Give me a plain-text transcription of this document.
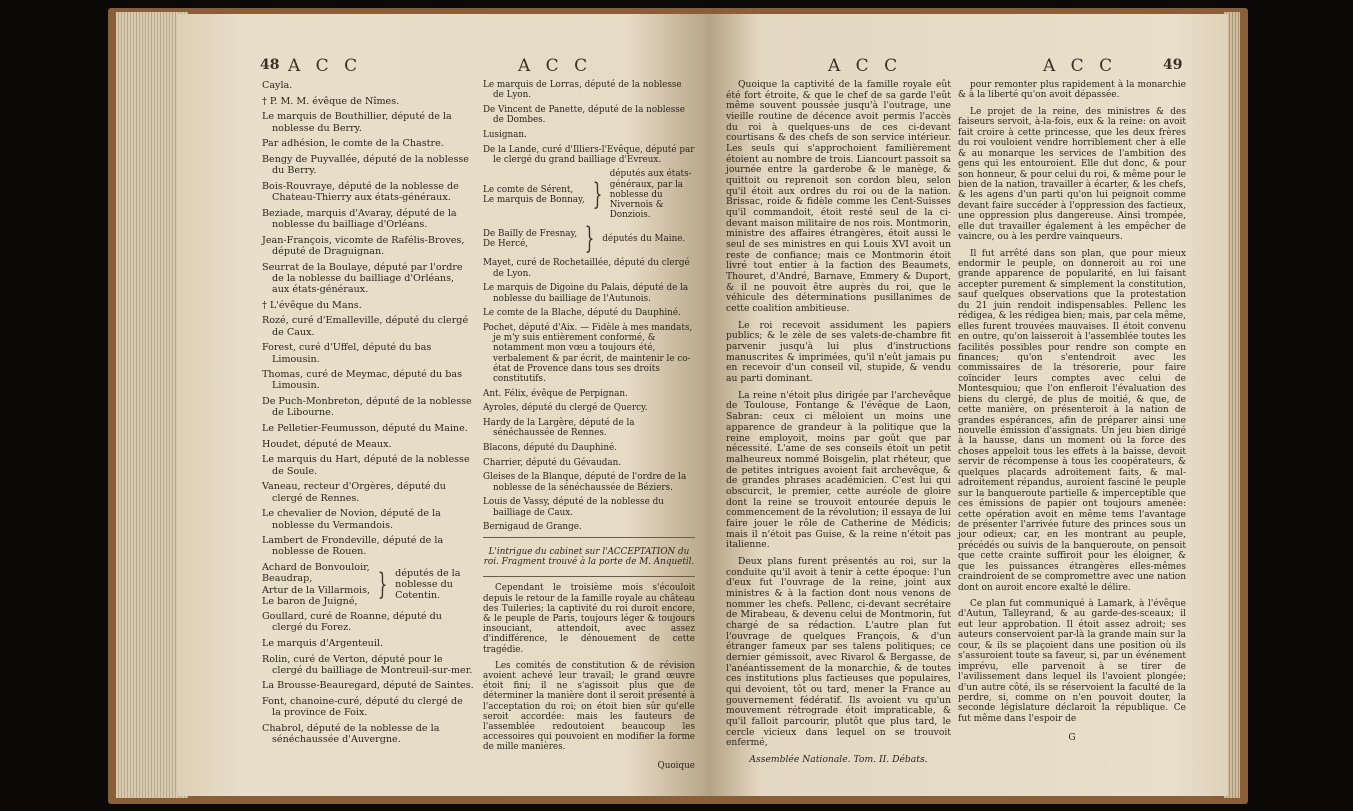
48 A C C	A C C

Cayla.

† P. M. M. évêque de Nîmes.

Le marquis de Bouthillier, député de la noblesse du Berry.

Par adhésion, le comte de la Chastre.

Bengy de Puyvallée, député de la noblesse du Berry.

Bois-Rouvraye, député de la noblesse de Chateau-Thierry aux états-généraux.

Beziade, marquis d'Avaray, député de la noblesse du bailliage d'Orléans.

Jean-François, vicomte de Rafélis-Broves, député de Draguignan.

Seurrat de la Boulaye, député par l'ordre de la noblesse du bailliage d'Orléans, aux états-généraux.

† L'évêque du Mans.

Rozé, curé d'Emalleville, député du clergé de Caux.

Forest, curé d'Uffel, député du bas Limousin.

Thomas, curé de Meymac, député du bas Limousin.

De Puch-Monbreton, député de la noblesse de Libourne.

Le Pelletier-Feumusson, député du Maine.

Houdet, député de Meaux.

Le marquis du Hart, député de la noblesse de Soule.

Vaneau, recteur d'Orgères, député du clergé de Rennes.

Le chevalier de Novion, député de la noblesse du Vermandois.

Lambert de Frondeville, député de la noblesse de Rouen.

Achard de Bonvouloir,
Beaudrap,
Artur de la Villarmois,
Le baron de Juigné, } députés de la noblesse du Cotentin.

Goullard, curé de Roanne, député du clergé du Forez.

Le marquis d'Argenteuil.

Rolin, curé de Verton, député pour le clergé du bailliage de Montreuil-sur-mer.

La Brousse-Beauregard, député de Saintes.

Font, chanoine-curé, député du clergé de la province de Foix.

Chabrol, député de la noblesse de la sénéchaussée d'Auvergne.

Le marquis de Lorras, député de la noblesse de Lyon.

De Vincent de Panette, député de la noblesse de Dombes.

Lusignan.

De la Lande, curé d'Illiers-l'Evêque, député par le clergé du grand bailliage d'Evreux.

Le comte de Sérent,
Le marquis de Bonnay, }
députés aux états-généraux, par la noblesse du Nivernois & Donziois.
De Bailly de Fresnay,
De Hercé,	} députés du Maine.

Mayet, curé de Rochetaillée, député du clergé de Lyon.

Le marquis de Digoine du Palais, député de la noblesse du bailliage de l'Autunois.

Le comte de la Blache, député du Dauphiné.

Pochet, député d'Aix. — Fidèle à mes mandats, je m'y suis entièrement conformé, & notamment mon vœu a toujours été, verbalement & par écrit, de maintenir le co-état de Provence dans tous ses droits constitutifs.

Ant. Félix, évêque de Perpignan.

Ayroles, député du clergé de Quercy.

Hardy de la Largère, député de la sénéchaussée de Rennes.

Blacons, député du Dauphiné.

Charrier, député du Gévaudan.

Gleises de la Blanque, député de l'ordre de la noblesse de la sénéchaussée de Béziers.

Louis de Vassy, député de la noblesse du bailliage de Caux.

Bernigaud de Grange.

L'intrigue du cabinet sur l'ACCEPTATION du roi. Fragment trouvé à la porte de M. Anquetil.

Cependant le troisième mois s'écouloit depuis le retour de la famille royale au château des Tuileries; la captivité du roi duroit encore, & le peuple de Paris, toujours léger & toujours insouciant, attendoit, avec assez d'indifférence, le dénouement de cette tragédie.

Les comités de constitution & de révision avoient achevé leur travail; le grand œuvre étoit fini; il ne s'agissoit plus que de déterminer la manière dont il seroit présenté à l'acceptation du roi; on étoit bien sûr qu'elle seroit accordée: mais les fauteurs de l'assemblée redoutoient beaucoup les accessoires qui pouvoient en modifier la forme de mille manières.

Quoique

A C C	A C C	49

Quoique la captivité de la famille royale eût été fort étroite, & que le chef de sa garde l'eût même souvent poussée jusqu'à l'outrage, une vieille routine de décence avoit permis l'accès du roi à quelques-uns de ces ci-devant courtisans & des chefs de son service intérieur. Les seuls qui s'approchoient familièrement étoient au nombre de trois. Liancourt passoit sa journée entre la garderobe & le manège, & quittoit ou reprenoit son cordon bleu, selon qu'il étoit aux ordres du roi ou de la nation. Brissac, roide & fidèle comme les Cent-Suisses qu'il commandoit, étoit resté seul de la ci-devant maison militaire de nos rois. Montmorin, ministre des affaires étrangères, étoit aussi le seul de ses ministres en qui Louis XVI avoit un reste de confiance; mais ce Montmorin étoit livré tout entier à la faction des Beaumets, Thouret, d'André, Barnave, Emmery & Duport, & il ne pouvoit être auprès du roi, que le véhicule des déterminations pusillanimes de cette coalition ambitieuse.

Le roi recevoit assidument les papiers publics; & le zèle de ses valets-de-chambre fit parvenir jusqu'à lui plus d'instructions manuscrites & imprimées, qu'il n'eût jamais pu en recevoir d'un conseil vil, stupide, & vendu au parti dominant.

La reine n'étoit plus dirigée par l'archevêque de Toulouse, Fontange & l'évêque de Laon, Sabran: ceux ci mêloient un moins une apparence de grandeur à la politique que la reine employoit, moins par goût que par nécessité. L'ame de ses conseils étoit un petit malheureux nommé Boisgelin, plat rhéteur, que de petites intrigues avoient fait archevêque, & de grandes phrases académicien. C'est lui qui obscurcit, le premier, cette auréole de gloire dont la reine se trouvoit entourée depuis le commencement de la révolution; il essaya de lui faire jouer le rôle de Catherine de Médicis; mais il n'étoit pas Guise, & la reine n'étoit pas italienne.

Deux plans furent présentés au roi, sur la conduite qu'il avoit à tenir à cette époque: l'un d'eux fut l'ouvrage de la reine, joint aux ministres & à la faction dont nous venons de nommer les chefs. Pellenc, ci-devant secrétaire de Mirabeau, & devenu celui de Montmorin, fut chargé de sa rédaction. L'autre plan fut l'ouvrage de quelques François, & d'un étranger fameux par ses talens politiques; ce dernier gémissoit, avec Rivarol & Bergasse, de l'anéantissement de la monarchie, & de toutes ces institutions plus factieuses que populaires, qui devoient, tôt ou tard, mener la France au gouvernement fédératif. Ils avoient vu qu'un mouvement rétrograde étoit impraticable, & qu'il falloit parcourir, plutôt que plus tard, le cercle vicieux dans lequel on se trouvoit enfermé,

Assemblée Nationale. Tom. II. Débats.

pour remonter plus rapidement à la monarchie & à la liberté qu'on avoit dépassée.

Le projet de la reine, des ministres & des faiseurs servoit, à-la-fois, eux & la reine: on avoit fait croire à cette princesse, que les deux frères du roi vouloient vendre horriblement cher à elle & au monarque les services de l'ambition des gens qui les entouroient. Elle dut donc, & pour son honneur, & pour celui du roi, & même pour le bien de la nation, travailler à écarter, & les chefs, & les agens d'un parti qu'on lui peignoit comme devant faire succéder à l'oppression des factieux, une oppression plus dangereuse. Ainsi trompée, elle dut travailler également à les empêcher de vaincre, ou à les perdre vainqueurs.

Il fut arrêté dans son plan, que pour mieux endormir le peuple, on donneroit au roi une grande apparence de popularité, en lui faisant accepter purement & simplement la constitution, sauf quelques observations que la protestation du 21 juin rendoit indispensables. Pellenc les rédigea, & les rédigea bien; mais, par cela même, elles furent trouvées mauvaises. Il étoit convenu en outre, qu'on laisseroit à l'assemblée toutes les facilités possibles pour rendre son compte en finances; qu'on s'entendroit avec les commissaires de la trésorerie, pour faire coïncider leurs comptes avec celui de Montesquiou; que l'on enfleroit l'évaluation des biens du clergé, de plus de moitié, & que, de cette manière, on présenteroit à la nation de grandes espérances, afin de préparer ainsi une nouvelle émission d'assignats. Un jeu bien dirigé à la hausse, dans un moment où la force des choses appeloit tous les effets à la baisse, devoit servir de récompense à tous les coopérateurs, & quelques placards adroitement faits, & mal-adroitement répandus, auroient fasciné le peuple sur la banqueroute partielle & imperceptible que ces émissions de papier ont toujours amenée: cette opération avoit en même tems l'avantage de présenter l'arrivée future des princes sous un jour odieux; car, en les montrant au peuple, précédés ou suivis de la banqueroute, on pensoit que cette crainte suffiroit pour les éloigner, & que les puissances étrangères elles-mêmes craindroient de se compromettre avec une nation dont on auroit encore exalté le délire.

Ce plan fut communiqué à Lamark, à l'évêque d'Autun, Talleyrand, & au garde-des-sceaux; il eut leur approbation. Il étoit assez adroit; ses auteurs conservoient par-là la grande main sur la cour, & ils se plaçoient dans une position où ils s'assuroient toute sa faveur, si, par un événement imprévu, elle parvenoit à se tirer de l'avilissement dans lequel ils l'avoient plongée; d'un autre côté, ils se réservoient la faculté de la perdre, si, comme on n'en pouvoit douter, la seconde législature déclaroit la république. Ce fut même dans l'espoir de

G
